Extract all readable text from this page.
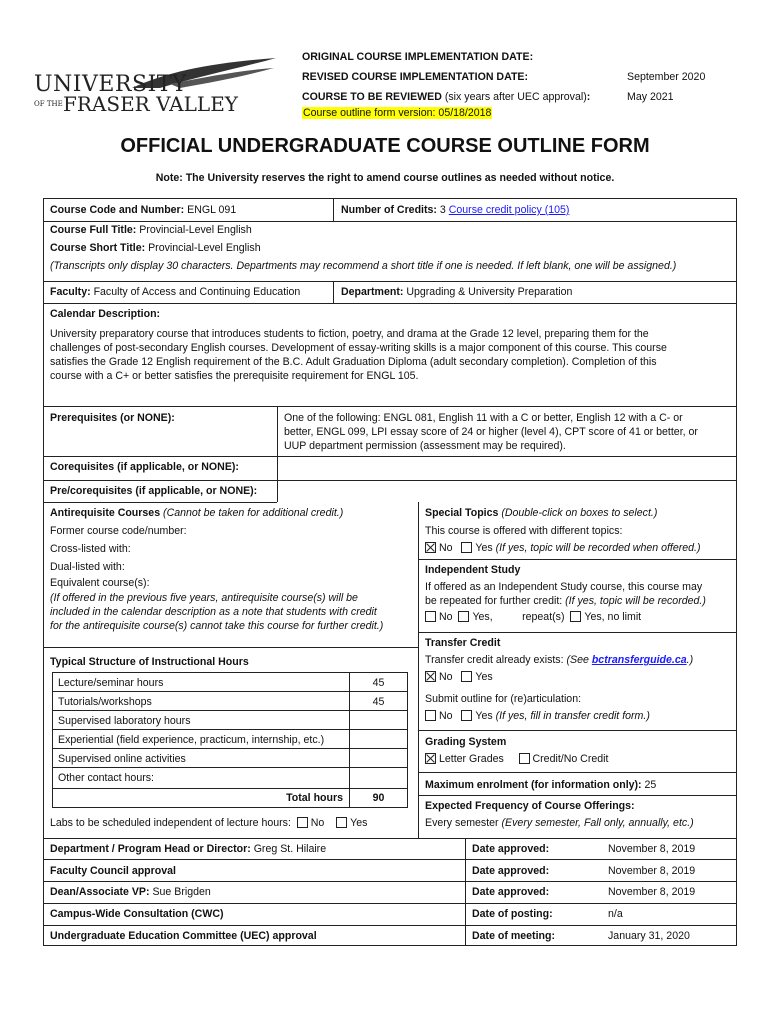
UNIVERSITY
OF THE FRASER VALLEY
ORIGINAL COURSE IMPLEMENTATION DATE:
REVISED COURSE IMPLEMENTATION DATE:	September 2020
COURSE TO BE REVIEWED (six years after UEC approval):	May 2021
Course outline form version: 05/18/2018
OFFICIAL UNDERGRADUATE COURSE OUTLINE FORM
Note: The University reserves the right to amend course outlines as needed without notice.
Course Code and Number: ENGL 091	Number of Credits: 3 Course credit policy (105)
Course Full Title: Provincial-Level English
Course Short Title: Provincial-Level English
(Transcripts only display 30 characters. Departments may recommend a short title if one is needed. If left blank, one will be assigned.)
Faculty: Faculty of Access and Continuing Education	Department: Upgrading & University Preparation
Calendar Description:
University preparatory course that introduces students to fiction, poetry, and drama at the Grade 12 level, preparing them for the
challenges of post-secondary English courses. Development of essay-writing skills is a major component of this course. This course
satisfies the Grade 12 English requirement of the B.C. Adult Graduation Diploma (adult secondary completion). Completion of this
course with a C+ or better satisfies the prerequisite requirement for ENGL 105.
Prerequisites (or NONE):	One of the following: ENGL 081, English 11 with a C or better, English 12 with a C- or
better, ENGL 099, LPI essay score of 24 or higher (level 4), CPT score of 41 or better, or
UUP department permission (assessment may be required).
Corequisites (if applicable, or NONE):
Pre/corequisites (if applicable, or NONE):
Antirequisite Courses (Cannot be taken for additional credit.)
Former course code/number:
Cross-listed with:
Dual-listed with:
Equivalent course(s):
(If offered in the previous five years, antirequisite course(s) will be
included in the calendar description as a note that students with credit
for the antirequisite course(s) cannot take this course for further credit.)
Typical Structure of Instructional Hours
Lecture/seminar hours	45
Tutorials/workshops	45
Supervised laboratory hours
Experiential (field experience, practicum, internship, etc.)
Supervised online activities
Other contact hours:
Total hours	90
Labs to be scheduled independent of lecture hours: No Yes
Special Topics (Double-click on boxes to select.)
This course is offered with different topics:
No Yes (If yes, topic will be recorded when offered.)
Independent Study
If offered as an Independent Study course, this course may
be repeated for further credit: (If yes, topic will be recorded.)
No Yes,	repeat(s) Yes, no limit
Transfer Credit
Transfer credit already exists: (See bctransferguide.ca.)
No Yes
Submit outline for (re)articulation:
No Yes (If yes, fill in transfer credit form.)
Grading System
Letter Grades	Credit/No Credit
Maximum enrolment (for information only): 25
Expected Frequency of Course Offerings:
Every semester (Every semester, Fall only, annually, etc.)
Department / Program Head or Director: Greg St. Hilaire	Date approved:	November 8, 2019
Faculty Council approval	Date approved:	November 8, 2019
Dean/Associate VP: Sue Brigden	Date approved:	November 8, 2019
Campus-Wide Consultation (CWC)	Date of posting:	n/a
Undergraduate Education Committee (UEC) approval	Date of meeting:	January 31, 2020
